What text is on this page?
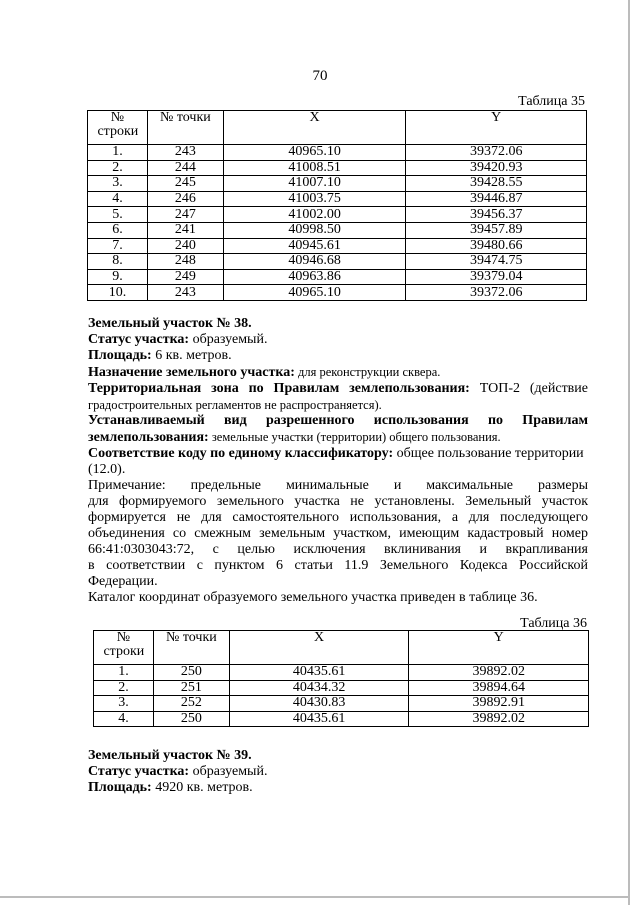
70
Таблица 35
№ строки	№ точки	X	Y
1.	243	40965.10	39372.06
2.	244	41008.51	39420.93
3.	245	41007.10	39428.55
4.	246	41003.75	39446.87
5.	247	41002.00	39456.37
6.	241	40998.50	39457.89
7.	240	40945.61	39480.66
8.	248	40946.68	39474.75
9.	249	40963.86	39379.04
10.	243	40965.10	39372.06

Земельный участок № 38.

Статус участка: образуемый.

Площадь: 6 кв. метров.

Назначение земельного участка: для реконструкции сквера.

Территориальная зона по Правилам землепользования: ТОП-2 (действие

градостроительных регламентов не распространяется).

Устанавливаемый вид разрешенного использования по Правилам

землепользования: земельные участки (территории) общего пользования.

Соответствие коду по единому классификатору: общее пользование территории

(12.0).

Примечание: предельные минимальные и максимальные размеры

для формируемого земельного участка не установлены. Земельный участок

формируется не для самостоятельного использования, а для последующего

объединения со смежным земельным участком, имеющим кадастровый номер

66:41:0303043:72, с целью исключения вклинивания и вкрапливания

в соответствии с пунктом 6 статьи 11.9 Земельного Кодекса Российской

Федерации.

Каталог координат образуемого земельного участка приведен в таблице 36.

Таблица 36
№ строки	№ точки	X	Y
1.	250	40435.61	39892.02
2.	251	40434.32	39894.64
3.	252	40430.83	39892.91
4.	250	40435.61	39892.02

Земельный участок № 39.

Статус участка: образуемый.

Площадь: 4920 кв. метров.
